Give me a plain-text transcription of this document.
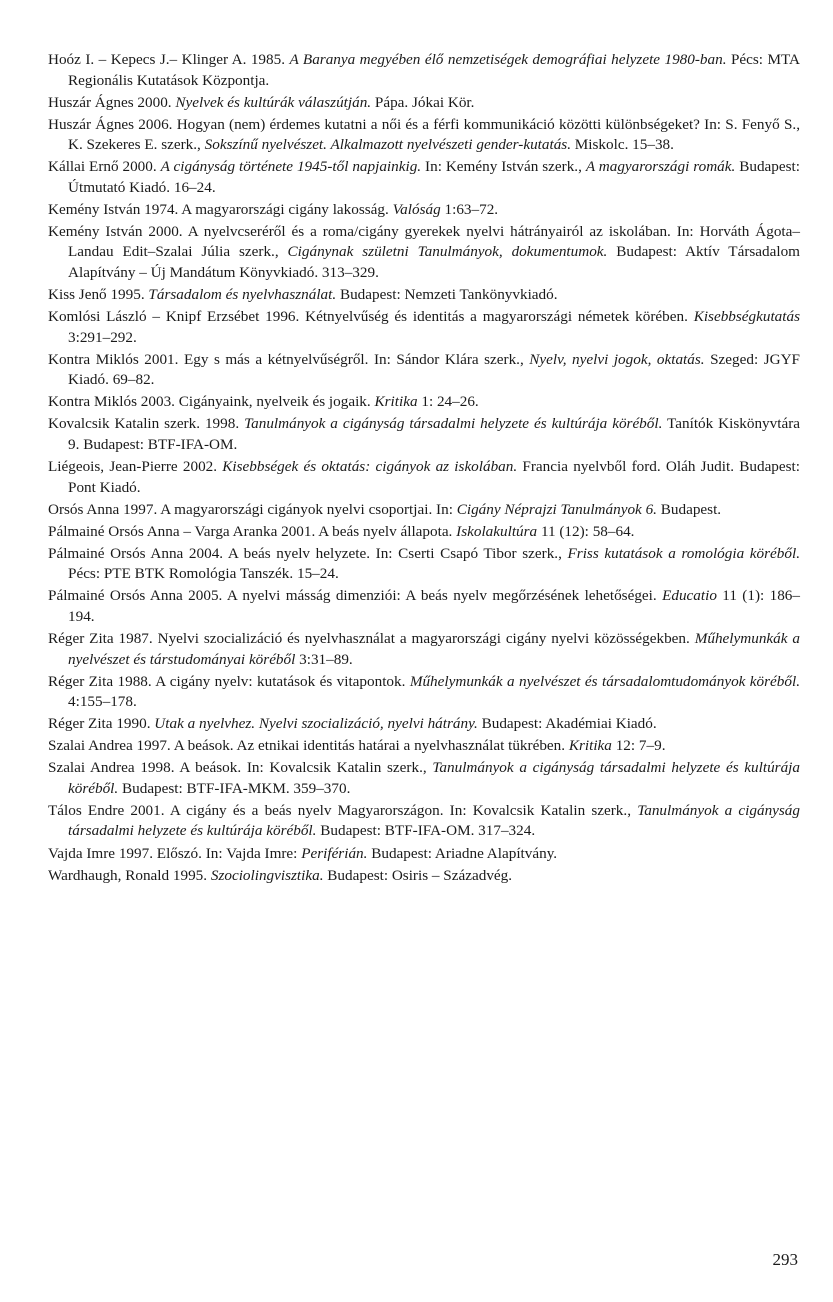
Hoóz I. – Kepecs J.– Klinger A. 1985. A Baranya megyében élő nemzetiségek demográfiai helyzete 1980-ban. Pécs: MTA Regionális Kutatások Központja.

Huszár Ágnes 2000. Nyelvek és kultúrák válaszútján. Pápa. Jókai Kör.

Huszár Ágnes 2006. Hogyan (nem) érdemes kutatni a női és a férfi kommunikáció közötti különbségeket? In: S. Fenyő S., K. Szekeres E. szerk., Sokszínű nyelvészet. Alkalmazott nyelvészeti gender-kutatás. Miskolc. 15–38.

Kállai Ernő 2000. A cigányság története 1945-től napjainkig. In: Kemény István szerk., A magyarországi romák. Budapest: Útmutató Kiadó. 16–24.

Kemény István 1974. A magyarországi cigány lakosság. Valóság 1:63–72.

Kemény István 2000. A nyelvcseréről és a roma/cigány gyerekek nyelvi hátrányairól az iskolában. In: Horváth Ágota–Landau Edit–Szalai Júlia szerk., Cigánynak születni Tanulmányok, dokumentumok. Budapest: Aktív Társadalom Alapítvány – Új Mandátum Könyvkiadó. 313–329.

Kiss Jenő 1995. Társadalom és nyelvhasználat. Budapest: Nemzeti Tankönyvkiadó.

Komlósi László – Knipf Erzsébet 1996. Kétnyelvűség és identitás a magyarországi németek körében. Kisebbségkutatás 3:291–292.

Kontra Miklós 2001. Egy s más a kétnyelvűségről. In: Sándor Klára szerk., Nyelv, nyelvi jogok, oktatás. Szeged: JGYF Kiadó. 69–82.

Kontra Miklós 2003. Cigányaink, nyelveik és jogaik. Kritika 1: 24–26.

Kovalcsik Katalin szerk. 1998. Tanulmányok a cigányság társadalmi helyzete és kultúrája köréből. Tanítók Kiskönyvtára 9. Budapest: BTF-IFA-OM.

Liégeois, Jean-Pierre 2002. Kisebbségek és oktatás: cigányok az iskolában. Francia nyelvből ford. Oláh Judit. Budapest: Pont Kiadó.

Orsós Anna 1997. A magyarországi cigányok nyelvi csoportjai. In: Cigány Néprajzi Tanulmányok 6. Budapest.

Pálmainé Orsós Anna – Varga Aranka 2001. A beás nyelv állapota. Iskolakultúra 11 (12): 58–64.

Pálmainé Orsós Anna 2004. A beás nyelv helyzete. In: Cserti Csapó Tibor szerk., Friss kutatások a romológia köréből. Pécs: PTE BTK Romológia Tanszék. 15–24.

Pálmainé Orsós Anna 2005. A nyelvi másság dimenziói: A beás nyelv megőrzésének lehetőségei. Educatio 11 (1): 186–194.

Réger Zita 1987. Nyelvi szocializáció és nyelvhasználat a magyarországi cigány nyelvi közösségekben. Műhelymunkák a nyelvészet és társtudományai köréből 3:31–89.

Réger Zita 1988. A cigány nyelv: kutatások és vitapontok. Műhelymunkák a nyelvészet és társadalomtudományok köréből. 4:155–178.

Réger Zita 1990. Utak a nyelvhez. Nyelvi szocializáció, nyelvi hátrány. Budapest: Akadémiai Kiadó.

Szalai Andrea 1997. A beások. Az etnikai identitás határai a nyelvhasználat tükrében. Kritika 12: 7–9.

Szalai Andrea 1998. A beások. In: Kovalcsik Katalin szerk., Tanulmányok a cigányság társadalmi helyzete és kultúrája köréből. Budapest: BTF-IFA-MKM. 359–370.

Tálos Endre 2001. A cigány és a beás nyelv Magyarországon. In: Kovalcsik Katalin szerk., Tanulmányok a cigányság társadalmi helyzete és kultúrája köréből. Budapest: BTF-IFA-OM. 317–324.

Vajda Imre 1997. Előszó. In: Vajda Imre: Periférián. Budapest: Ariadne Alapítvány.

Wardhaugh, Ronald 1995. Szociolingvisztika. Budapest: Osiris – Századvég.

293
